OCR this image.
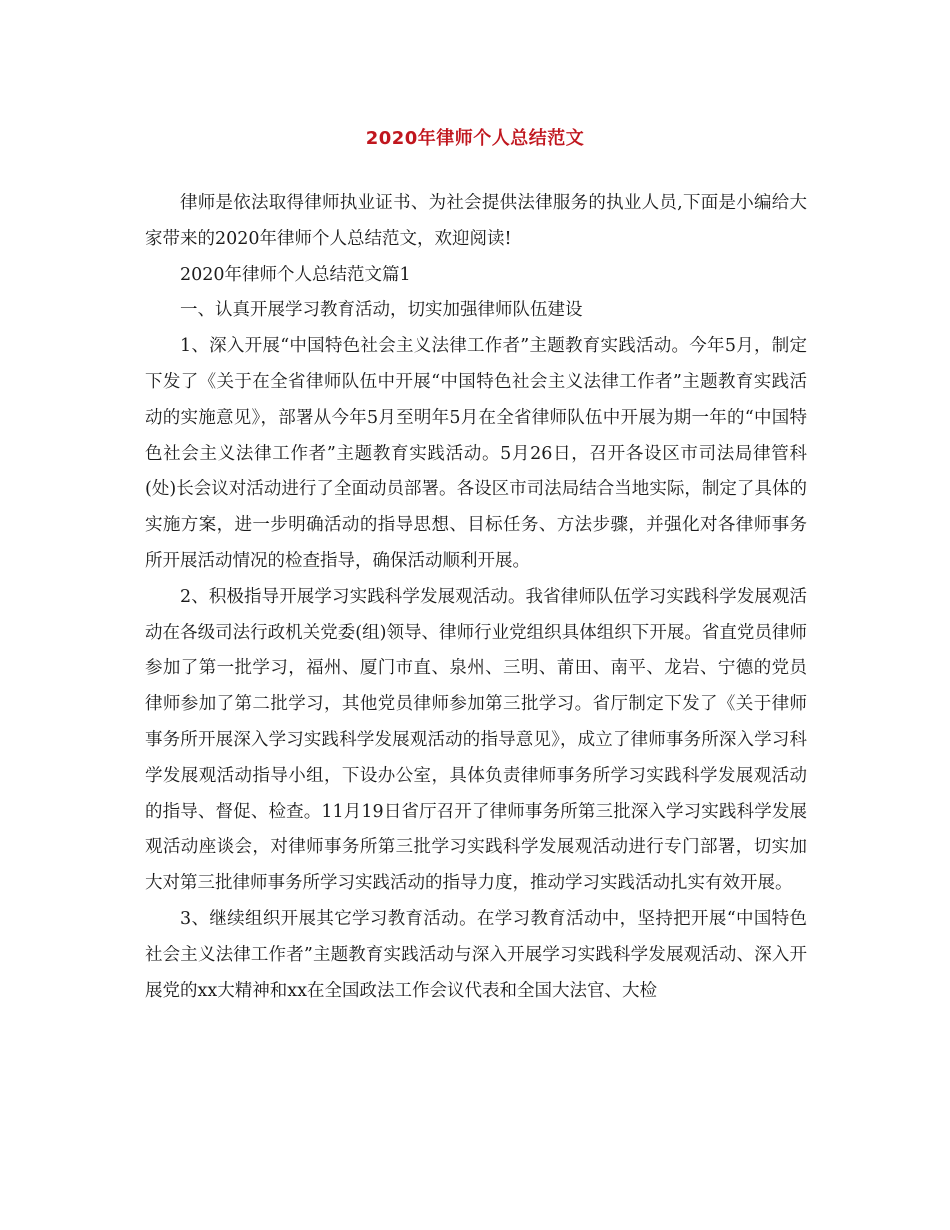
2020年律师个人总结范文

律师是依法取得律师执业证书、为社会提供法律服务的执业人员,下面是小编给大家带来的2020年律师个人总结范文，欢迎阅读!

2020年律师个人总结范文篇1

一、认真开展学习教育活动，切实加强律师队伍建设

1、深入开展“中国特色社会主义法律工作者”主题教育实践活动。今年5月，制定下发了《关于在全省律师队伍中开展“中国特色社会主义法律工作者”主题教育实践活动的实施意见》，部署从今年5月至明年5月在全省律师队伍中开展为期一年的“中国特色社会主义法律工作者”主题教育实践活动。5月26日，召开各设区市司法局律管科(处)长会议对活动进行了全面动员部署。各设区市司法局结合当地实际，制定了具体的实施方案，进一步明确活动的指导思想、目标任务、方法步骤，并强化对各律师事务所开展活动情况的检查指导，确保活动顺利开展。

2、积极指导开展学习实践科学发展观活动。我省律师队伍学习实践科学发展观活动在各级司法行政机关党委(组)领导、律师行业党组织具体组织下开展。省直党员律师参加了第一批学习，福州、厦门市直、泉州、三明、莆田、南平、龙岩、宁德的党员律师参加了第二批学习，其他党员律师参加第三批学习。省厅制定下发了《关于律师事务所开展深入学习实践科学发展观活动的指导意见》，成立了律师事务所深入学习科学发展观活动指导小组，下设办公室，具体负责律师事务所学习实践科学发展观活动的指导、督促、检查。11月19日省厅召开了律师事务所第三批深入学习实践科学发展观活动座谈会，对律师事务所第三批学习实践科学发展观活动进行专门部署，切实加大对第三批律师事务所学习实践活动的指导力度，推动学习实践活动扎实有效开展。

3、继续组织开展其它学习教育活动。在学习教育活动中，坚持把开展“中国特色社会主义法律工作者”主题教育实践活动与深入开展学习实践科学发展观活动、深入开展党的xx大精神和xx在全国政法工作会议代表和全国大法官、大检
